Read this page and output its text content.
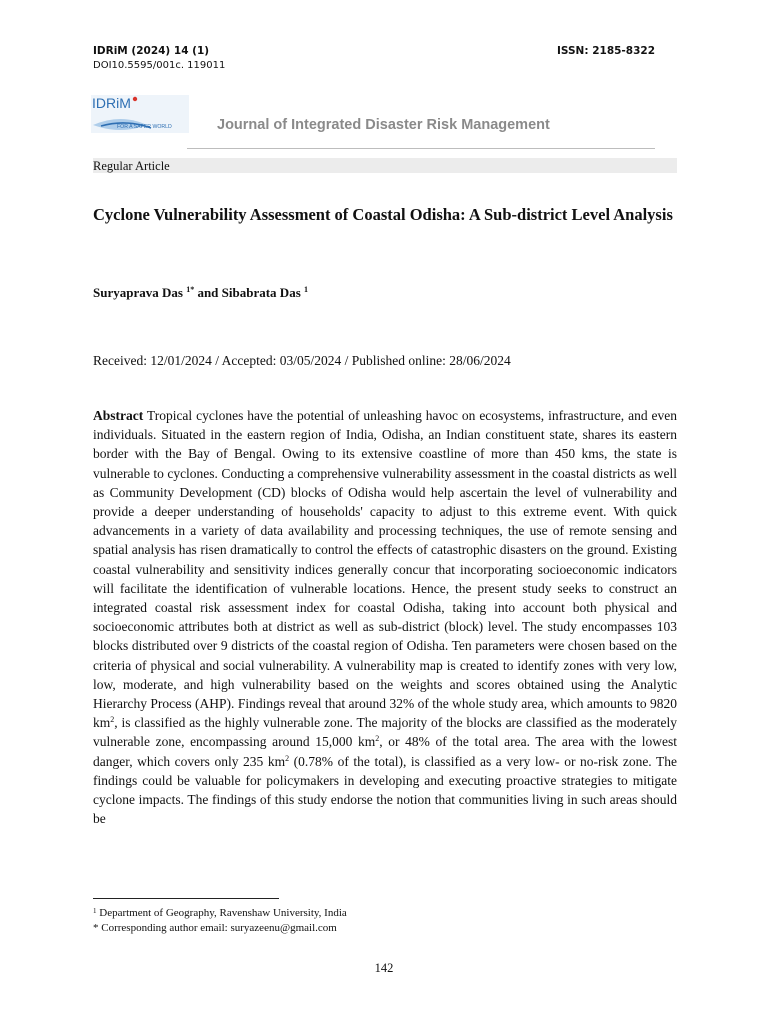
IDRiM (2024) 14 (1)
DOI10.5595/001c. 119011
ISSN: 2185-8322
IDRiM
FOR A SAFER WORLD	Journal of Integrated Disaster Risk Management
Regular Article
Cyclone Vulnerability Assessment of Coastal Odisha: A Sub-district Level Analysis
Suryaprava Das $^{1*}$ and Sibabrata Das $^1$
Received: 12/01/2024 / Accepted: 03/05/2024 / Published online: 28/06/2024
Abstract Tropical cyclones have the potential of unleashing havoc on ecosystems, infrastructure, and even individuals. Situated in the eastern region of India, Odisha, an Indian constituent state, shares its eastern border with the Bay of Bengal. Owing to its extensive coastline of more than 450 kms, the state is vulnerable to cyclones. Conducting a comprehensive vulnerability assessment in the coastal districts as well as Community Development (CD) blocks of Odisha would help ascertain the level of vulnerability and provide a deeper understanding of households' capacity to adjust to this extreme event. With quick advancements in a variety of data availability and processing techniques, the use of remote sensing and spatial analysis has risen dramatically to control the effects of catastrophic disasters on the ground. Existing coastal vulnerability and sensitivity indices generally concur that incorporating socioeconomic indicators will facilitate the identification of vulnerable locations. Hence, the present study seeks to construct an integrated coastal risk assessment index for coastal Odisha, taking into account both physical and socioeconomic attributes both at district as well as sub-district (block) level. The study encompasses 103 blocks distributed over 9 districts of the coastal region of Odisha. Ten parameters were chosen based on the criteria of physical and social vulnerability. A vulnerability map is created to identify zones with very low, low, moderate, and high vulnerability based on the weights and scores obtained using the Analytic Hierarchy Process (AHP). Findings reveal that around 32% of the whole study area, which amounts to 9820 $km^2$, is classified as the highly vulnerable zone. The majority of the blocks are classified as the moderately vulnerable zone, encompassing around 15,000 $km^2$, or 48% of the total area. The area with the lowest danger, which covers only 235 $km^2$ (0.78% of the total), is classified as a very low- or no-risk zone. The findings could be valuable for policymakers in developing and executing proactive strategies to mitigate cyclone impacts. The findings of this study endorse the notion that communities living in such areas should be
$^1$ Department of Geography, Ravenshaw University, India
* Corresponding author email: suryazeenu@gmail.com
142
